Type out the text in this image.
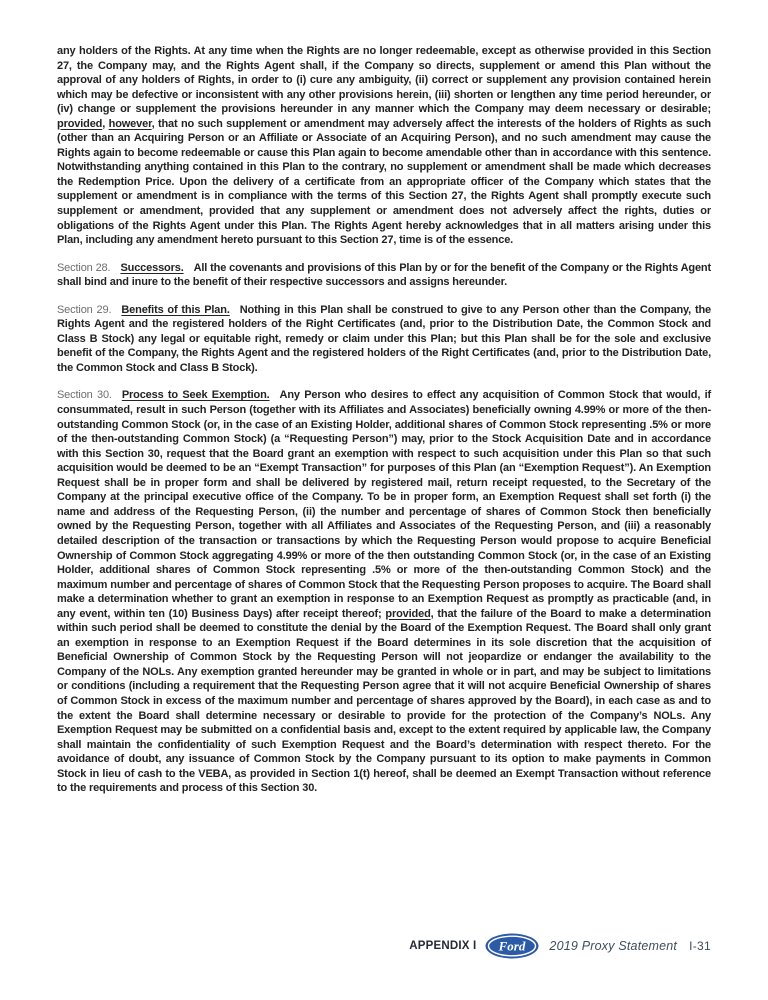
any holders of the Rights. At any time when the Rights are no longer redeemable, except as otherwise provided in this Section 27, the Company may, and the Rights Agent shall, if the Company so directs, supplement or amend this Plan without the approval of any holders of Rights, in order to (i) cure any ambiguity, (ii) correct or supplement any provision contained herein which may be defective or inconsistent with any other provisions herein, (iii) shorten or lengthen any time period hereunder, or (iv) change or supplement the provisions hereunder in any manner which the Company may deem necessary or desirable; provided, however, that no such supplement or amendment may adversely affect the interests of the holders of Rights as such (other than an Acquiring Person or an Affiliate or Associate of an Acquiring Person), and no such amendment may cause the Rights again to become redeemable or cause this Plan again to become amendable other than in accordance with this sentence. Notwithstanding anything contained in this Plan to the contrary, no supplement or amendment shall be made which decreases the Redemption Price. Upon the delivery of a certificate from an appropriate officer of the Company which states that the supplement or amendment is in compliance with the terms of this Section 27, the Rights Agent shall promptly execute such supplement or amendment, provided that any supplement or amendment does not adversely affect the rights, duties or obligations of the Rights Agent under this Plan. The Rights Agent hereby acknowledges that in all matters arising under this Plan, including any amendment hereto pursuant to this Section 27, time is of the essence.

Section 28. Successors. All the covenants and provisions of this Plan by or for the benefit of the Company or the Rights Agent shall bind and inure to the benefit of their respective successors and assigns hereunder.

Section 29. Benefits of this Plan. Nothing in this Plan shall be construed to give to any Person other than the Company, the Rights Agent and the registered holders of the Right Certificates (and, prior to the Distribution Date, the Common Stock and Class B Stock) any legal or equitable right, remedy or claim under this Plan; but this Plan shall be for the sole and exclusive benefit of the Company, the Rights Agent and the registered holders of the Right Certificates (and, prior to the Distribution Date, the Common Stock and Class B Stock).

Section 30. Process to Seek Exemption. Any Person who desires to effect any acquisition of Common Stock that would, if consummated, result in such Person (together with its Affiliates and Associates) beneficially owning 4.99% or more of the then-outstanding Common Stock (or, in the case of an Existing Holder, additional shares of Common Stock representing .5% or more of the then-outstanding Common Stock) (a “Requesting Person”) may, prior to the Stock Acquisition Date and in accordance with this Section 30, request that the Board grant an exemption with respect to such acquisition under this Plan so that such acquisition would be deemed to be an “Exempt Transaction” for purposes of this Plan (an “Exemption Request”). An Exemption Request shall be in proper form and shall be delivered by registered mail, return receipt requested, to the Secretary of the Company at the principal executive office of the Company. To be in proper form, an Exemption Request shall set forth (i) the name and address of the Requesting Person, (ii) the number and percentage of shares of Common Stock then beneficially owned by the Requesting Person, together with all Affiliates and Associates of the Requesting Person, and (iii) a reasonably detailed description of the transaction or transactions by which the Requesting Person would propose to acquire Beneficial Ownership of Common Stock aggregating 4.99% or more of the then outstanding Common Stock (or, in the case of an Existing Holder, additional shares of Common Stock representing .5% or more of the then-outstanding Common Stock) and the maximum number and percentage of shares of Common Stock that the Requesting Person proposes to acquire. The Board shall make a determination whether to grant an exemption in response to an Exemption Request as promptly as practicable (and, in any event, within ten (10) Business Days) after receipt thereof; provided, that the failure of the Board to make a determination within such period shall be deemed to constitute the denial by the Board of the Exemption Request. The Board shall only grant an exemption in response to an Exemption Request if the Board determines in its sole discretion that the acquisition of Beneficial Ownership of Common Stock by the Requesting Person will not jeopardize or endanger the availability to the Company of the NOLs. Any exemption granted hereunder may be granted in whole or in part, and may be subject to limitations or conditions (including a requirement that the Requesting Person agree that it will not acquire Beneficial Ownership of shares of Common Stock in excess of the maximum number and percentage of shares approved by the Board), in each case as and to the extent the Board shall determine necessary or desirable to provide for the protection of the Company’s NOLs. Any Exemption Request may be submitted on a confidential basis and, except to the extent required by applicable law, the Company shall maintain the confidentiality of such Exemption Request and the Board’s determination with respect thereto. For the avoidance of doubt, any issuance of Common Stock by the Company pursuant to its option to make payments in Common Stock in lieu of cash to the VEBA, as provided in Section 1(t) hereof, shall be deemed an Exempt Transaction without reference to the requirements and process of this Section 30.

APPENDIX I Ford 2019 Proxy Statement I-31
